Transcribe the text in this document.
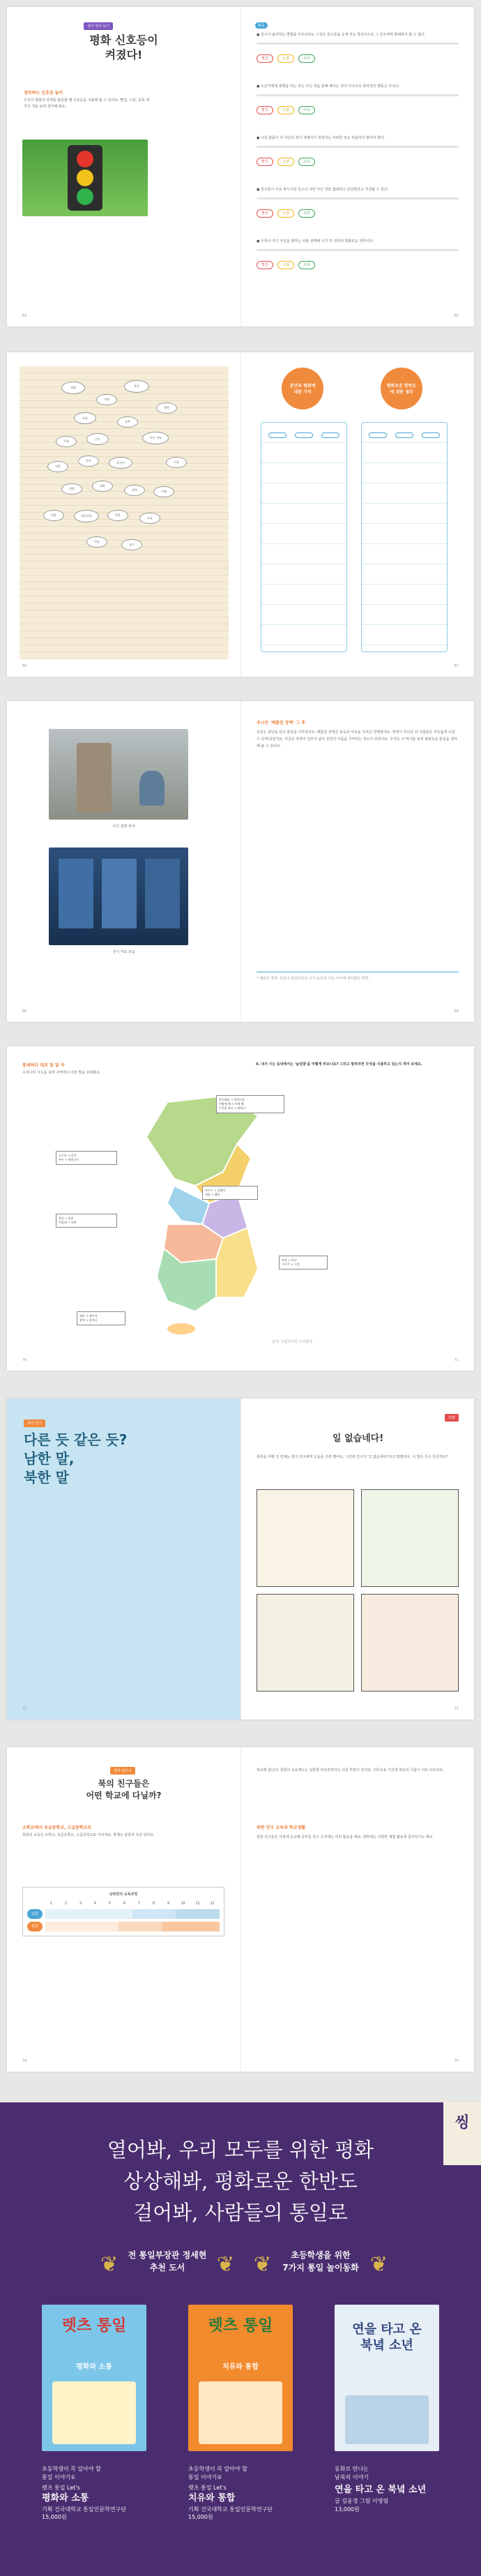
생각 열어 보기
평화 신호등이
켜졌다!
생각하는 신호등 놀이
우리가 평화의 상태를 판단할 때 신호등을 이용해 볼 수 있어요. 빨강, 노랑, 초록 세 가지 색을 보며 생각해 봐요.
64
활동
● 친구가 싫어하는 별명을 부르더라도 그것은 친구들을 웃게 하는 장난이므로 그 친구에게 화해하지 말 수 없다.
빨강	노랑	초록
● 누군가에게 폭행을 하는 것은 아닌 것을 통해 해치는 것이 아니므로 폭력적인 행동은 아니다.
빨강	노랑	초록
● 나의 물품이 나 자신의 것이 정해지기 전까지는 어떠한 것도 허용하지 말아야 한다.
빨강	노랑	초록
● 친구들이 서로 싸우지만 있으니 나만 아닌 것만 없애려고 민감한다고 걱정될 수 있다.
빨강	노랑	초록
● 우리나 자기 자신을 범하는 사람 선택해 이기 각 일하여 평화로운 생각이다.
빨강	노랑	초록
65
평화
전쟁
통일
행복
자유
남북
가족
친구	이산 가족
사랑
분단	휴전선	서울
평양
대화
협력	미래
희망	대한민국	북한
교류
만남
놀이
66
분단과 평화에 대한 기억
평화로운 한반도에 대한 생각
67
사진 설명 위치
전시 자료 모습
68
우니은 '베를린 장벽' 그 후
독일은 분단을 딛고 통일을 이루었어요. 베를린 장벽은 동독과 서독을 가르던 경계였어요. 장벽이 무너진 뒤 사람들은 자유롭게 오갈 수 있게 되었지요. 지금은 장벽의 일부가 남아 분단의 아픔을 기억하는 장소가 되었어요. 우리도 이 역사를 보며 평화로운 통일을 생각해 볼 수 있어요.
* 베를린 장벽: 독일이 분단되었던 시기 동독과 서독 사이에 세워졌던 장벽.
69
통세허다 대로 및 달 자
우리나라 지도를 보며 지역마다 다른 말을 살펴봐요.
맛이에요 → 맛있어요
어떻게 해 → 어케 해
무엇을 하니 → 뭐하니
고구마 → 감자
아이 → 에미나이
울산 → 울싼
이렇게 → 이케
옥수수 → 강냉이
내일 → 래일
제주 → 제주어
할망 → 할머니
부산 → 부산
거시기 → 그것
출처: 국립국어원 우리말샘
70
4. 내가 사는 동네에서는 '높임말'을 어떻게 부르나요? 그리고 말하자면 무엇을 사용하고 있는지 적어 보세요.
71
생각 열기
다른 듯 같은 듯?
남한 말,
북한 말
72
만화
일 없습네다!
북한을 여행 간 민재는 현지 친구에게 도움을 주려 했어요. 그런데 친구가 '일 없습네다!'라고 말했어요. 이 말은 무슨 뜻일까요?
73
생각 넓히기
북의 친구들은
어떤 학교에 다닐까?
소학교에서 초급중학교, 고급중학교로
북한의 교육은 소학교, 초급중학교, 고급중학교로 이어져요. 학제는 남한과 조금 달라요.
남북한의 교육과정
1	2	3	4	5	6	7	8	9	10	11	12
남한
북한
74
학교에 갑니다. 북한의 교육제도는 남한과 비슷하면서도 다른 부분이 있어요. 의무교육 기간과 학교의 이름이 서로 다르지요.
북한 친구 교육과 학교생활
북한 친구들은 아침에 등교해 공부를 하고 오후에는 여러 활동을 해요. 방학에는 다양한 체험 활동에 참여하기도 해요.
75
씽
열어봐, 우리 모두를 위한 평화
상상해봐, 평화로운 한반도
걸어봐, 사람들의 통일로
❦	전 통일부장관 정세현
추천 도서	❦ ❦	초등학생을 위한
7가지 통일 놀이동화 ❦
렛츠 통일
평화와 소통
렛츠 통일
치유와 통합
연을 타고 온 북녘 소년
초등학생이 꼭 알아야 할
통일 이야기①
렛츠 통일 Let's
평화와 소통
기획 건국대학교 통일인문학연구단
15,000원
초등학생이 꼭 알아야 할
통일 이야기②
렛츠 통일 Let's
치유와 통합
기획 건국대학교 통일인문학연구단
15,000원
동화로 만나는
남북의 이야기
연을 타고 온 북녘 소년
글 김윤경 그림 이영림
13,000원
